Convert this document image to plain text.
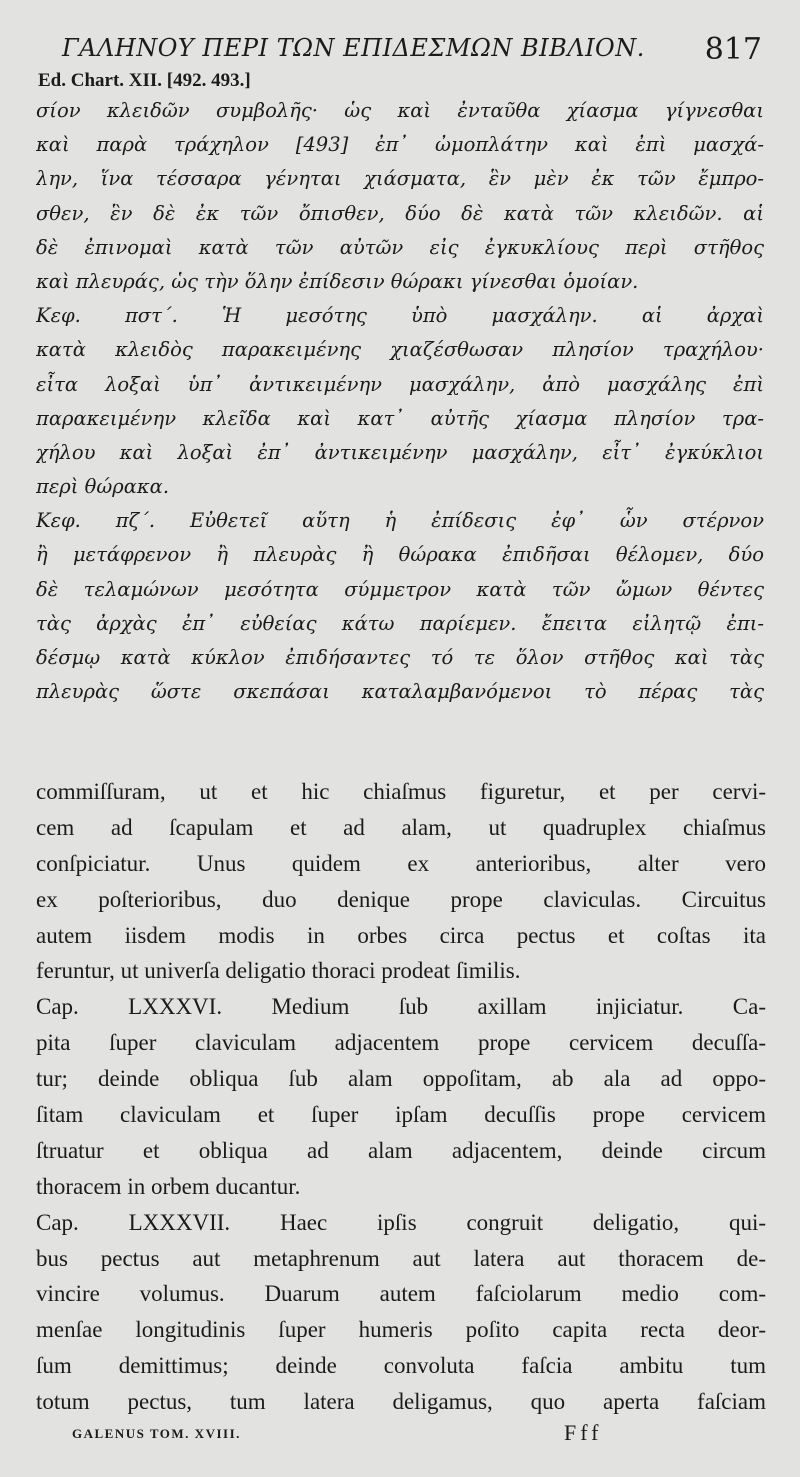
ΓΑΛΗΝΟΥ ΠΕΡΙ ΤΩΝ ΕΠΙΔΕΣΜΩΝ ΒΙΒΛΙΟΝ. 817
Ed. Chart. XII. [492. 493.]
σίον κλειδῶν συμβολῆς· ὡς καὶ ἐνταῦθα χίασμα γίγνεσθαι
καὶ παρὰ τράχηλον [493] ἐπ᾽ ὠμοπλάτην καὶ ἐπὶ μασχά-
λην, ἵνα τέσσαρα γένηται χιάσματα, ἓν μὲν ἐκ τῶν ἔμπρο-
σθεν, ἓν δὲ ἐκ τῶν ὄπισθεν, δύο δὲ κατὰ τῶν κλειδῶν. αἱ
δὲ ἐπινομαὶ κατὰ τῶν αὐτῶν εἰς ἐγκυκλίους περὶ στῆθος
καὶ πλευράς, ὡς τὴν ὅλην ἐπίδεσιν θώρακι γίνεσθαι ὁμοίαν.
Κεφ. πστ΄. Ἡ μεσότης ὑπὸ μασχάλην. αἱ ἀρχαὶ
κατὰ κλειδὸς παρακειμένης χιαζέσθωσαν πλησίον τραχήλου·
εἶτα λοξαὶ ὑπ᾽ ἀντικειμένην μασχάλην, ἀπὸ μασχάλης ἐπὶ
παρακειμένην κλεῖδα καὶ κατ᾽ αὐτῆς χίασμα πλησίον τρα-
χήλου καὶ λοξαὶ ἐπ᾽ ἀντικειμένην μασχάλην, εἶτ᾽ ἐγκύκλιοι
περὶ θώρακα.
Κεφ. πζ΄. Εὐθετεῖ αὕτη ἡ ἐπίδεσις ἐφ᾽ ὧν στέρνον
ἢ μετάφρενον ἢ πλευρὰς ἢ θώρακα ἐπιδῆσαι θέλομεν, δύο
δὲ τελαμώνων μεσότητα σύμμετρον κατὰ τῶν ὤμων θέντες
τὰς ἀρχὰς ἐπ᾽ εὐθείας κάτω παρίεμεν. ἔπειτα εἰλητῷ ἐπι-
δέσμῳ κατὰ κύκλον ἐπιδήσαντες τό τε ὅλον στῆθος καὶ τὰς
πλευρὰς ὥστε σκεπάσαι καταλαμβανόμενοι τὸ πέρας τὰς
commiſſuram, ut et hic chiaſmus figuretur, et per cervi-
cem ad ſcapulam et ad alam, ut quadruplex chiaſmus
conſpiciatur. Unus quidem ex anterioribus, alter vero
ex poſterioribus, duo denique prope claviculas. Circuitus
autem iisdem modis in orbes circa pectus et coſtas ita
feruntur, ut univerſa deligatio thoraci prodeat ſimilis.
Cap. LXXXVI. Medium ſub axillam injiciatur. Ca-
pita ſuper claviculam adjacentem prope cervicem decuſſa-
tur; deinde obliqua ſub alam oppoſitam, ab ala ad oppo-
ſitam claviculam et ſuper ipſam decuſſis prope cervicem
ſtruatur et obliqua ad alam adjacentem, deinde circum
thoracem in orbem ducantur.
Cap. LXXXVII. Haec ipſis congruit deligatio, qui-
bus pectus aut metaphrenum aut latera aut thoracem de-
vincire volumus. Duarum autem faſciolarum medio com-
menſae longitudinis ſuper humeris poſito capita recta deor-
ſum demittimus; deinde convoluta faſcia ambitu tum
totum pectus, tum latera deligamus, quo aperta faſciam
GALENUS TOM. XVIII.	Fff
